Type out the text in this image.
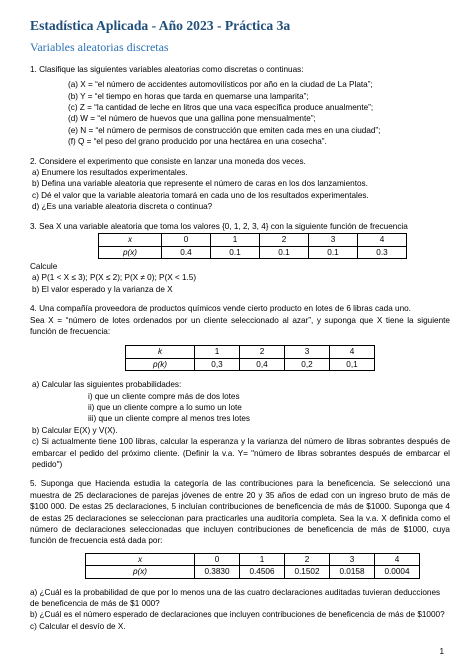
Estadística Aplicada - Año 2023 - Práctica 3a
Variables aleatorias discretas

1. Clasifique las siguientes variables aleatorias como discretas o continuas:

(a) X = “el número de accidentes automovilísticos por año en la ciudad de La Plata”;

(b) Y = “el tiempo en horas que tarda en quemarse una lamparita”;

(c) Z = “la cantidad de leche en litros que una vaca específica produce anualmente”;

(d) W = “el número de huevos que una gallina pone mensualmente”;

(e) N = “el número de permisos de construcción que emiten cada mes en una ciudad”;

(f) Q = “el peso del grano producido por una hectárea en una cosecha”.

2. Considere el experimento que consiste en lanzar una moneda dos veces.

a) Enumere los resultados experimentales.

b) Defina una variable aleatoria que represente el número de caras en los dos lanzamientos.

c) Dé el valor que la variable aleatoria tomará en cada uno de los resultados experimentales.

d) ¿Es una variable aleatoria discreta o continua?

3. Sea X una variable aleatoria que toma los valores {0, 1, 2, 3, 4} con la siguiente función de frecuencia

x	0	1	2	3	4
p(x)	0.4	0.1	0.1	0.1	0.3

Calcule

a) P(1 < X ≤ 3); P(X ≤ 2); P(X ≠ 0); P(X < 1.5)

b) El valor esperado y la varianza de X

4. Una compañía proveedora de productos químicos vende cierto producto en lotes de 6 libras cada uno.

Sea X = “número de lotes ordenados por un cliente seleccionado al azar”, y suponga que X tiene la siguiente función de frecuencia:

k	1	2	3	4
p(k)	0,3	0,4	0,2	0,1

a) Calcular las siguientes probabilidades:

i) que un cliente compre más de dos lotes

ii) que un cliente compre a lo sumo un lote

iii) que un cliente compre al menos tres lotes

b) Calcular E(X) y V(X).

c) Si actualmente tiene 100 libras, calcular la esperanza y la varianza del número de libras sobrantes después de embarcar el pedido del próximo cliente. (Definir la v.a. Y= "número de libras sobrantes después de embarcar el pedido")

5. Suponga que Hacienda estudia la categoría de las contribuciones para la beneficencia. Se seleccionó una muestra de 25 declaraciones de parejas jóvenes de entre 20 y 35 años de edad con un ingreso bruto de más de $100 000. De estas 25 declaraciones, 5 incluían contribuciones de beneficencia de más de $1000. Suponga que 4 de estas 25 declaraciones se seleccionan para practicarles una auditoría completa. Sea la v.a. X definida como el número de declaraciones seleccionadas que incluyen contribuciones de beneficencia de más de $1000, cuya función de frecuencia está dada por:

x	0	1	2	3	4
p(x)	0.3830	0.4506	0.1502	0.0158	0.0004

a) ¿Cuál es la probabilidad de que por lo menos una de las cuatro declaraciones auditadas tuvieran deducciones de beneficencia de más de $1 000?

b) ¿Cuál es el número esperado de declaraciones que incluyen contribuciones de beneficencia de más de $1000?

c) Calcular el desvío de X.

1
